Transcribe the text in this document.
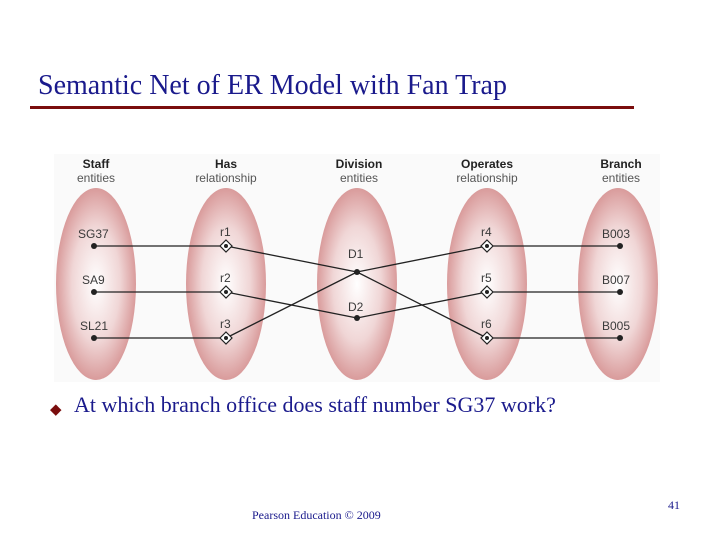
Semantic Net of ER Model with Fan Trap
Staff
entities
Has
relationship
Division
entities
Operates
relationship
Branch
entities
SG37
SA9
SL21
r1
r2
r3
D1
D2
r4
r5
r6
B003
B007
B005
◆ At which branch office does staff number SG37 work?
Pearson Education © 2009
41
